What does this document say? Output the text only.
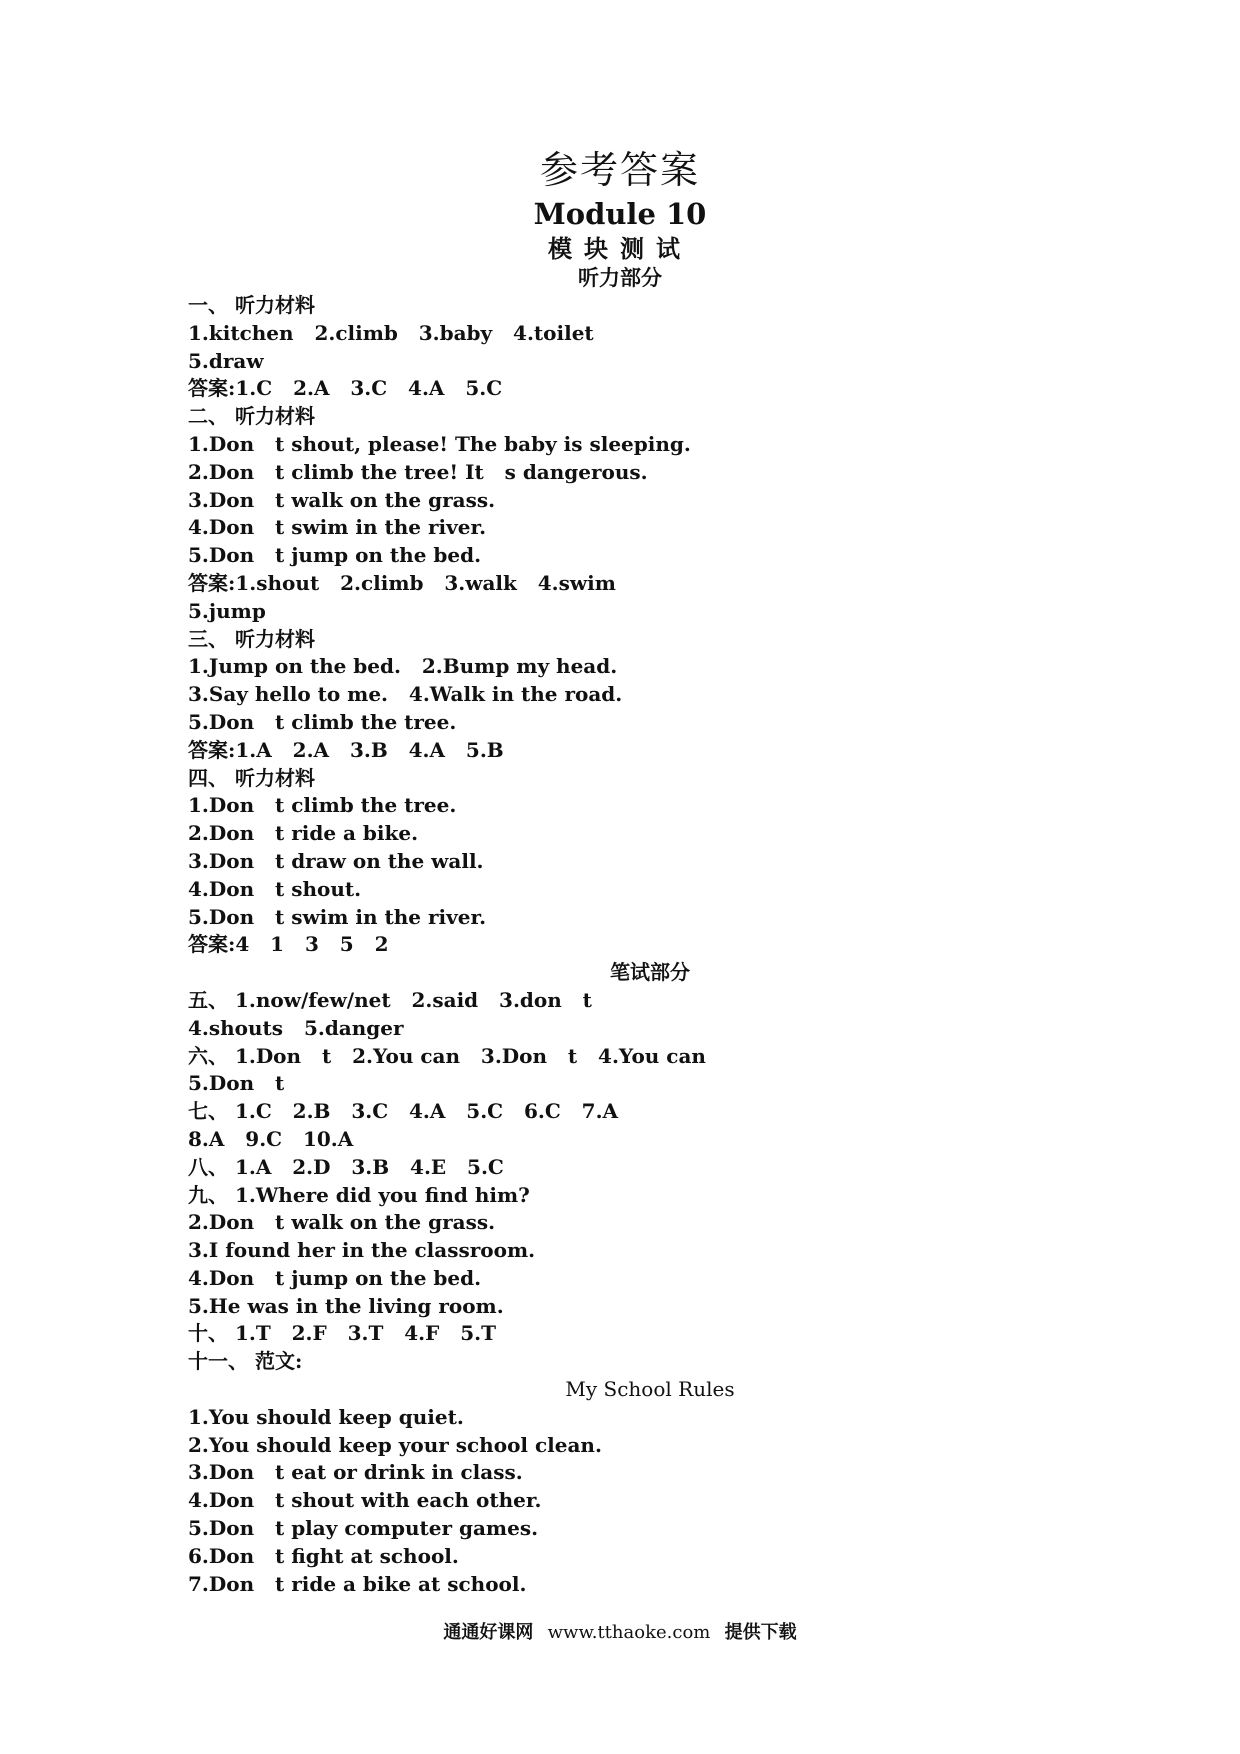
参考答案
Module 10
模块测试
听力部分
一、 听力材料
1.kitchen   2.climb   3.baby   4.toilet
5.draw
答案:1.C   2.A   3.C   4.A   5.C
二、 听力材料
1.Don   t shout, please! The baby is sleeping.
2.Don   t climb the tree! It   s dangerous.
3.Don   t walk on the grass.
4.Don   t swim in the river.
5.Don   t jump on the bed.
答案:1.shout   2.climb   3.walk   4.swim
5.jump
三、 听力材料
1.Jump on the bed.   2.Bump my head.
3.Say hello to me.   4.Walk in the road.
5.Don   t climb the tree.
答案:1.A   2.A   3.B   4.A   5.B
四、 听力材料
1.Don   t climb the tree.
2.Don   t ride a bike.
3.Don   t draw on the wall.
4.Don   t shout.
5.Don   t swim in the river.
答案:4   1   3   5   2
笔试部分
五、 1.now/few/net   2.said   3.don   t
4.shouts   5.danger
六、 1.Don   t   2.You can   3.Don   t   4.You can
5.Don   t
七、 1.C   2.B   3.C   4.A   5.C   6.C   7.A
8.A   9.C   10.A
八、 1.A   2.D   3.B   4.E   5.C
九、 1.Where did you find him?
2.Don   t walk on the grass.
3.I found her in the classroom.
4.Don   t jump on the bed.
5.He was in the living room.
十、 1.T   2.F   3.T   4.F   5.T
十一、 范文:
My School Rules
1.You should keep quiet.
2.You should keep your school clean.
3.Don   t eat or drink in class.
4.Don   t shout with each other.
5.Don   t play computer games.
6.Don   t fight at school.
7.Don   t ride a bike at school.
通通好课网 www.tthaoke.com 提供下载
